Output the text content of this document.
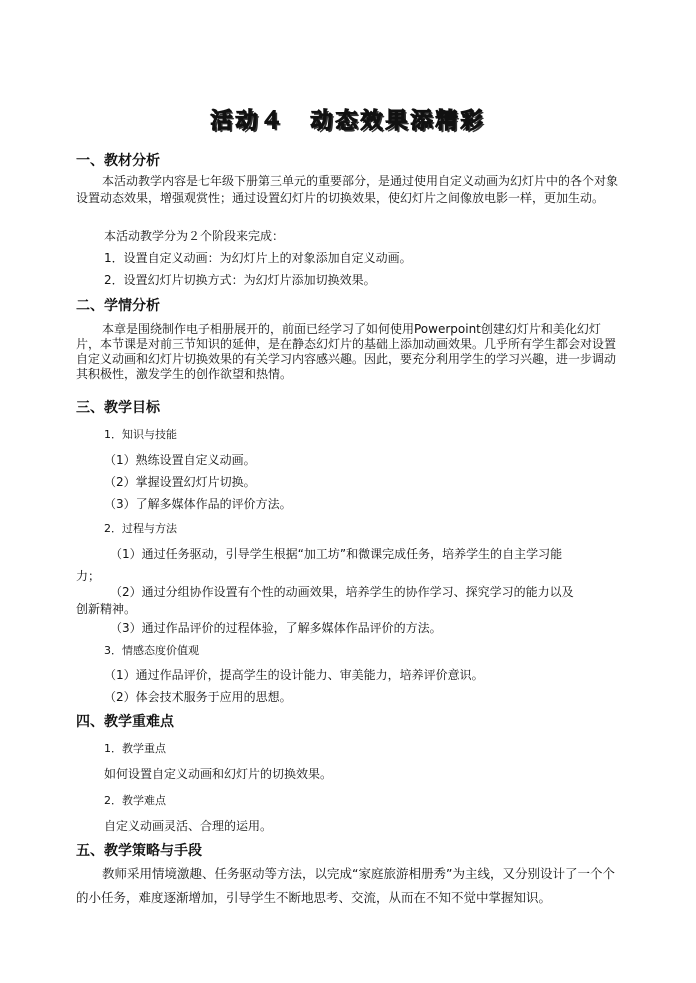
活动４　动态效果添精彩
一、教材分析
本活动教学内容是七年级下册第三单元的重要部分，是通过使用自定义动画为幻灯片中的各个对象设置动态效果，增强观赏性；通过设置幻灯片的切换效果，使幻灯片之间像放电影一样，更加生动。
本活动教学分为２个阶段来完成：
1．设置自定义动画：为幻灯片上的对象添加自定义动画。
2．设置幻灯片切换方式：为幻灯片添加切换效果。
二、学情分析
本章是围绕制作电子相册展开的，前面已经学习了如何使用Powerpoint创建幻灯片和美化幻灯片，本节课是对前三节知识的延伸，是在静态幻灯片的基础上添加动画效果。几乎所有学生都会对设置自定义动画和幻灯片切换效果的有关学习内容感兴趣。因此，要充分利用学生的学习兴趣，进一步调动其积极性，激发学生的创作欲望和热情。
三、教学目标
1．知识与技能
（1）熟练设置自定义动画。
（2）掌握设置幻灯片切换。
（3）了解多媒体作品的评价方法。
2．过程与方法
（1）通过任务驱动，引导学生根据“加工坊”和微课完成任务，培养学生的自主学习能
力；
（2）通过分组协作设置有个性的动画效果，培养学生的协作学习、探究学习的能力以及
创新精神。
（3）通过作品评价的过程体验，了解多媒体作品评价的方法。
3．情感态度价值观
（1）通过作品评价，提高学生的设计能力、审美能力，培养评价意识。
（2）体会技术服务于应用的思想。
四、教学重难点
1．教学重点
如何设置自定义动画和幻灯片的切换效果。
2．教学难点
自定义动画灵活、合理的运用。
五、教学策略与手段
教师采用情境激趣、任务驱动等方法，以完成“家庭旅游相册秀”为主线，又分别设计了一个个的小任务，难度逐渐增加，引导学生不断地思考、交流，从而在不知不觉中掌握知识。
